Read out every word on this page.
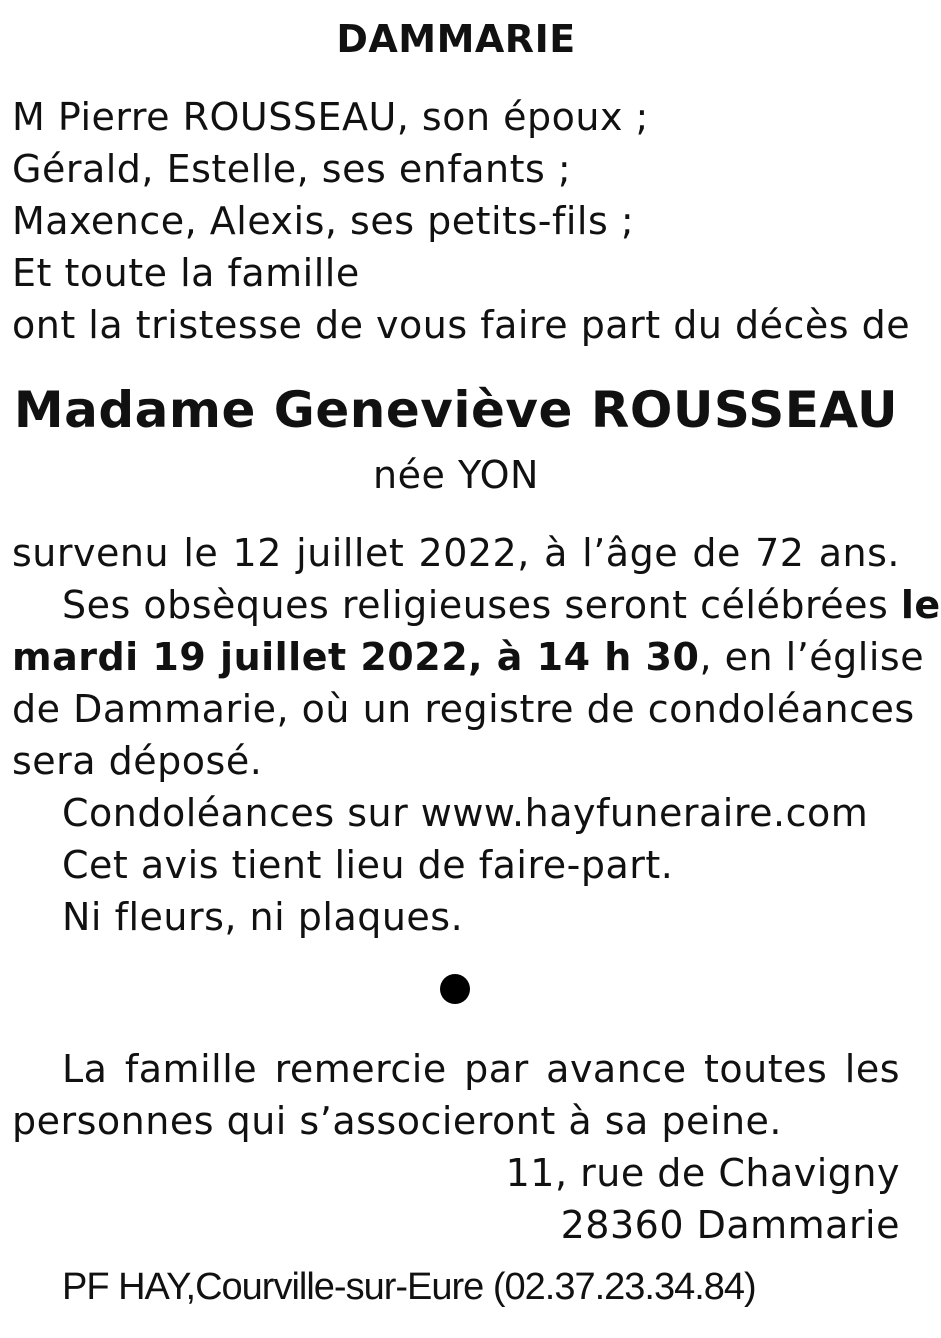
DAMMARIE
M Pierre ROUSSEAU, son époux ;
Gérald, Estelle, ses enfants ;
Maxence, Alexis, ses petits-fils ;
Et toute la famille
ont la tristesse de vous faire part du décès de
Madame Geneviève ROUSSEAU
née YON
survenu le 12 juillet 2022, à l’âge de 72 ans.
Ses obsèques religieuses seront célébrées le
mardi 19 juillet 2022, à 14 h 30, en l’église
de Dammarie, où un registre de condoléances
sera déposé.
Condoléances sur www.hayfuneraire.com
Cet avis tient lieu de faire-part.
Ni fleurs, ni plaques.
La famille remercie par avance toutes les
personnes qui s’associeront à sa peine.
11, rue de Chavigny
28360 Dammarie
PF HAY,Courville-sur-Eure (02.37.23.34.84)
